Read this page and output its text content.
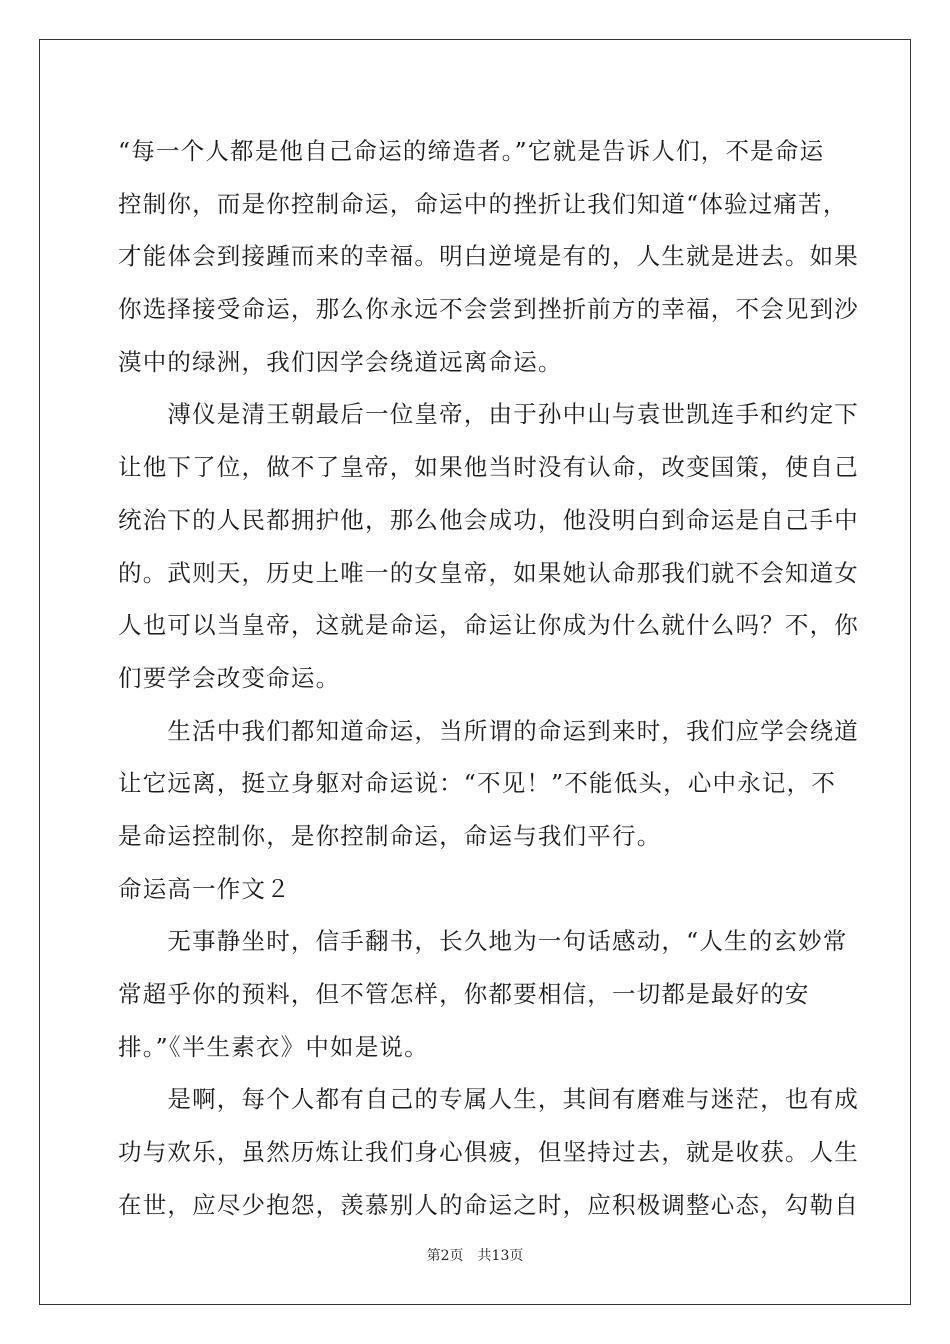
“每一个人都是他自己命运的缔造者。”它就是告诉人们，不是命运
控制你，而是你控制命运，命运中的挫折让我们知道“体验过痛苦，
才能体会到接踵而来的幸福。明白逆境是有的，人生就是进去。如果
你选择接受命运，那么你永远不会尝到挫折前方的幸福，不会见到沙
漠中的绿洲，我们因学会绕道远离命运。
　　溥仪是清王朝最后一位皇帝，由于孙中山与袁世凯连手和约定下
让他下了位，做不了皇帝，如果他当时没有认命，改变国策，使自己
统治下的人民都拥护他，那么他会成功，他没明白到命运是自己手中
的。武则天，历史上唯一的女皇帝，如果她认命那我们就不会知道女
人也可以当皇帝，这就是命运，命运让你成为什么就什么吗？不，你
们要学会改变命运。
　　生活中我们都知道命运，当所谓的命运到来时，我们应学会绕道
让它远离，挺立身躯对命运说：“不见！”不能低头，心中永记，不
是命运控制你，是你控制命运，命运与我们平行。
命运高一作文２
　　无事静坐时，信手翻书，长久地为一句话感动，“人生的玄妙常
常超乎你的预料，但不管怎样，你都要相信，一切都是最好的安
排。”《半生素衣》中如是说。
　　是啊，每个人都有自己的专属人生，其间有磨难与迷茫，也有成
功与欢乐，虽然历炼让我们身心俱疲，但坚持过去，就是收获。人生
在世，应尽少抱怨，羡慕别人的命运之时，应积极调整心态，勾勒自
第2页 共13页
